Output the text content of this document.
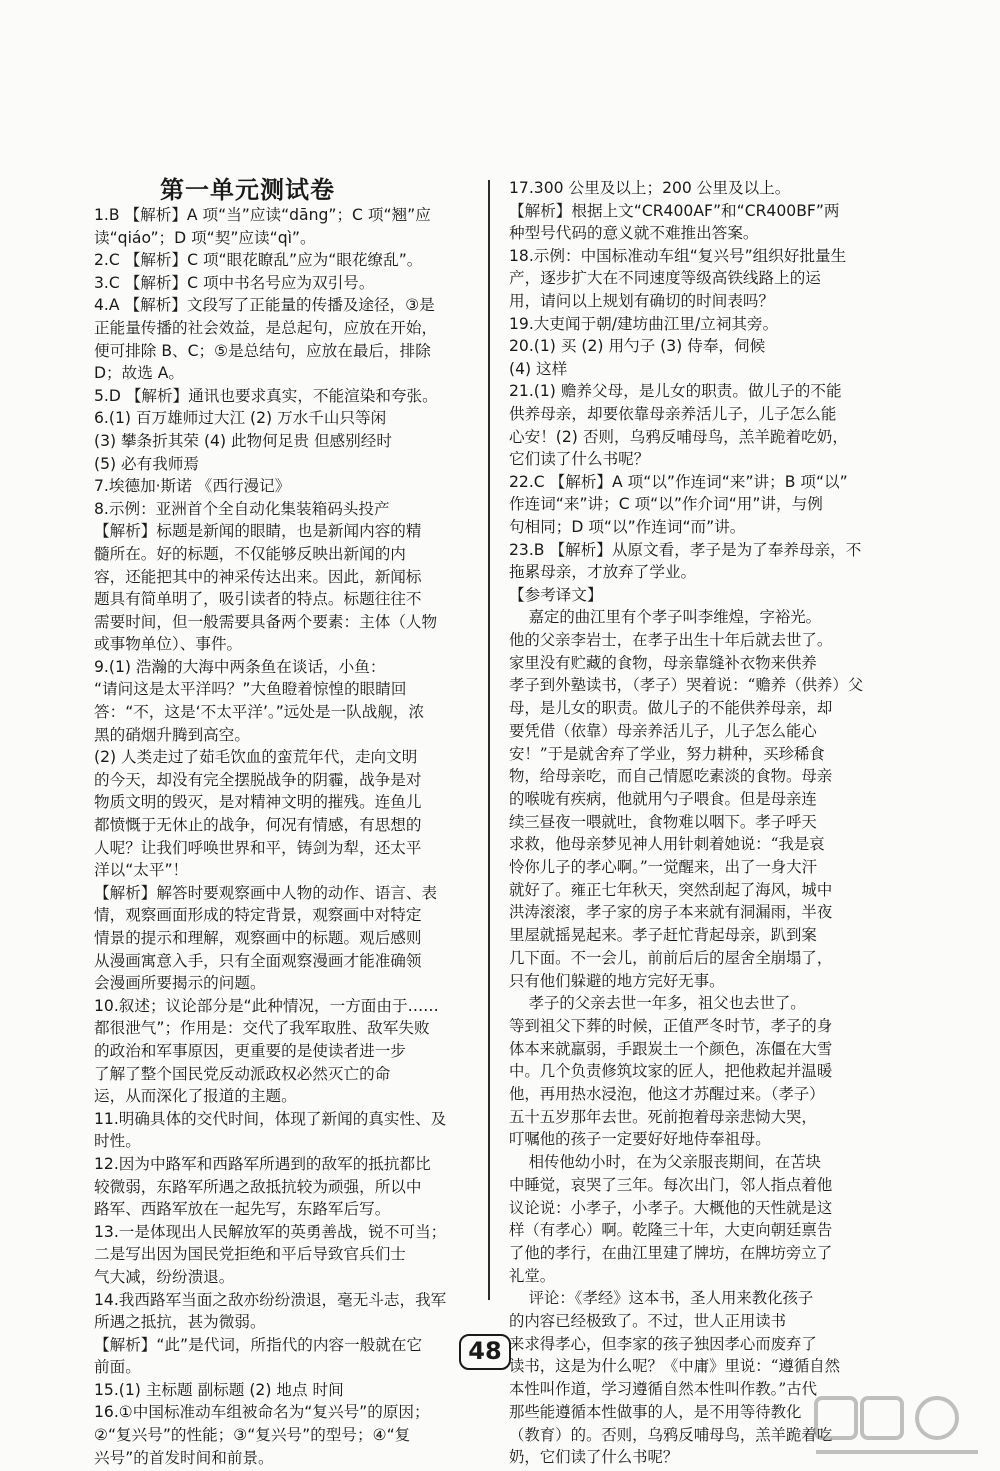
第一单元测试卷

1.B 【解析】A 项“当”应读“dāng”；C 项“翘”应

读“qiáo”；D 项“契”应读“qì”。

2.C 【解析】C 项“眼花瞭乱”应为“眼花缭乱”。

3.C 【解析】C 项中书名号应为双引号。

4.A 【解析】文段写了正能量的传播及途径，③是

正能量传播的社会效益，是总起句，应放在开始，

便可排除 B、C；⑤是总结句，应放在最后，排除

D；故选 A。

5.D 【解析】通讯也要求真实，不能渲染和夸张。

6.(1) 百万雄师过大江 (2) 万水千山只等闲

(3) 攀条折其荣 (4) 此物何足贵 但感别经时

(5) 必有我师焉

7.埃德加·斯诺 《西行漫记》

8.示例：亚洲首个全自动化集装箱码头投产

【解析】标题是新闻的眼睛，也是新闻内容的精

髓所在。好的标题，不仅能够反映出新闻的内

容，还能把其中的神采传达出来。因此，新闻标

题具有简单明了，吸引读者的特点。标题往往不

需要时间，但一般需要具备两个要素：主体（人物

或事物单位）、事件。

9.(1) 浩瀚的大海中两条鱼在谈话，小鱼：

“请问这是太平洋吗？”大鱼瞪着惊惶的眼睛回

答：“不，这是‘不太平洋’。”远处是一队战舰，浓

黑的硝烟升腾到高空。

(2) 人类走过了茹毛饮血的蛮荒年代，走向文明

的今天，却没有完全摆脱战争的阴霾，战争是对

物质文明的毁灭，是对精神文明的摧残。连鱼儿

都愤慨于无休止的战争，何况有情感，有思想的

人呢？让我们呼唤世界和平，铸剑为犁，还太平

洋以“太平”！

【解析】解答时要观察画中人物的动作、语言、表

情，观察画面形成的特定背景，观察画中对特定

情景的提示和理解，观察画中的标题。观后感则

从漫画寓意入手，只有全面观察漫画才能准确领

会漫画所要揭示的问题。

10.叙述；议论部分是“此种情况，一方面由于……

都很泄气”；作用是：交代了我军取胜、敌军失败

的政治和军事原因，更重要的是使读者进一步

了解了整个国民党反动派政权必然灭亡的命

运，从而深化了报道的主题。

11.明确具体的交代时间，体现了新闻的真实性、及

时性。

12.因为中路军和西路军所遇到的敌军的抵抗都比

较微弱，东路军所遇之敌抵抗较为顽强，所以中

路军、西路军放在一起先写，东路军后写。

13.一是体现出人民解放军的英勇善战，锐不可当；

二是写出因为国民党拒绝和平后导致官兵们士

气大减，纷纷溃退。

14.我西路军当面之敌亦纷纷溃退，毫无斗志，我军

所遇之抵抗，甚为微弱。

【解析】“此”是代词，所指代的内容一般就在它

前面。

15.(1) 主标题 副标题 (2) 地点 时间

16.①中国标准动车组被命名为“复兴号”的原因；

②“复兴号”的性能；③“复兴号”的型号；④“复

兴号”的首发时间和前景。

17.300 公里及以上；200 公里及以上。

【解析】根据上文“CR400AF”和“CR400BF”两

种型号代码的意义就不难推出答案。

18.示例：中国标准动车组“复兴号”组织好批量生

产，逐步扩大在不同速度等级高铁线路上的运

用，请问以上规划有确切的时间表吗？

19.大吏闻于朝/建坊曲江里/立祠其旁。

20.(1) 买 (2) 用勺子 (3) 侍奉，伺候

(4) 这样

21.(1) 赡养父母，是儿女的职责。做儿子的不能

供养母亲，却要依靠母亲养活儿子，儿子怎么能

心安！(2) 否则，乌鸦反哺母鸟，羔羊跪着吃奶，

它们读了什么书呢？

22.C 【解析】A 项“以”作连词“来”讲；B 项“以”

作连词“来”讲；C 项“以”作介词“用”讲，与例

句相同；D 项“以”作连词“而”讲。

23.B 【解析】从原文看，孝子是为了奉养母亲，不

拖累母亲，才放弃了学业。

【参考译文】

嘉定的曲江里有个孝子叫李维煌，字裕光。

他的父亲李岩士，在孝子出生十年后就去世了。

家里没有贮藏的食物，母亲靠缝补衣物来供养

孝子到外塾读书，（孝子）哭着说：“赡养（供养）父

母，是儿女的职责。做儿子的不能供养母亲，却

要凭借（依靠）母亲养活儿子，儿子怎么能心

安！”于是就舍弃了学业，努力耕种，买珍稀食

物，给母亲吃，而自己情愿吃素淡的食物。母亲

的喉咙有疾病，他就用勺子喂食。但是母亲连

续三昼夜一喂就吐，食物难以咽下。孝子呼天

求救，他母亲梦见神人用针刺着她说：“我是哀

怜你儿子的孝心啊。”一觉醒来，出了一身大汗

就好了。雍正七年秋天，突然刮起了海风，城中

洪涛滚滚，孝子家的房子本来就有洞漏雨，半夜

里屋就摇晃起来。孝子赶忙背起母亲，趴到案

几下面。不一会儿，前前后后的屋舍全崩塌了，

只有他们躲避的地方完好无事。

孝子的父亲去世一年多，祖父也去世了。

等到祖父下葬的时候，正值严冬时节，孝子的身

体本来就羸弱，手跟炭土一个颜色，冻僵在大雪

中。几个负责修筑坟家的匠人，把他救起并温暖

他，再用热水浸泡，他这才苏醒过来。（孝子）

五十五岁那年去世。死前抱着母亲悲恸大哭，

叮嘱他的孩子一定要好好地侍奉祖母。

相传他幼小时，在为父亲服丧期间，在苫块

中睡觉，哀哭了三年。每次出门，邻人指点着他

议论说：小孝子，小孝子。大概他的天性就是这

样（有孝心）啊。乾隆三十年，大吏向朝廷禀告

了他的孝行，在曲江里建了牌坊，在牌坊旁立了

礼堂。

评论：《孝经》这本书，圣人用来教化孩子

的内容已经极致了。不过，世人正用读书

来求得孝心，但李家的孩子独因孝心而废弃了

读书，这是为什么呢？《中庸》里说：“遵循自然

本性叫作道，学习遵循自然本性叫作教。”古代

那些能遵循本性做事的人，是不用等待教化

（教育）的。否则，乌鸦反哺母鸟，羔羊跪着吃

奶，它们读了什么书呢？

48
